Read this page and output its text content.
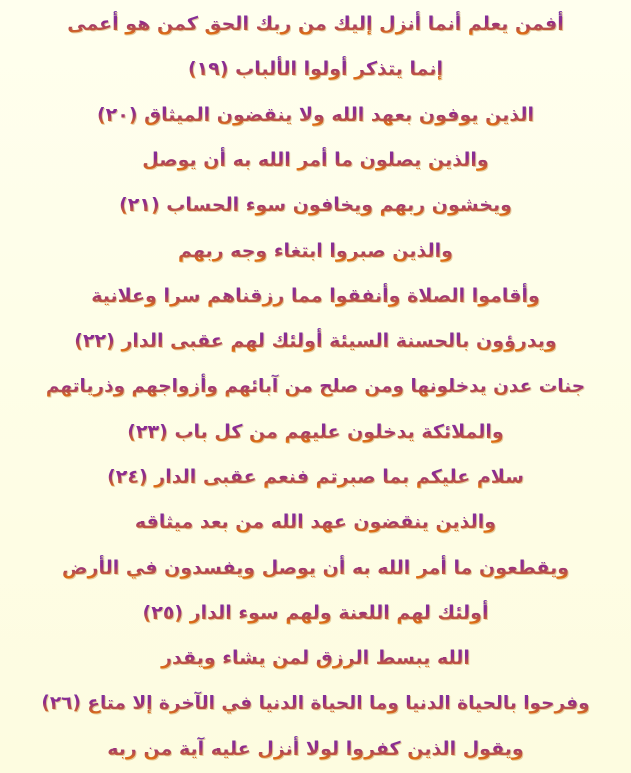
أفمن يعلم أنما أنزل إليك من ربك الحق كمن هو أعمى
إنما يتذكر أولوا الألباب (١٩)
الذين يوفون بعهد الله ولا ينقضون الميثاق (٢٠)
والذين يصلون ما أمر الله به أن يوصل
ويخشون ربهم ويخافون سوء الحساب (٢١)
والذين صبروا ابتغاء وجه ربهم
وأقاموا الصلاة وأنفقوا مما رزقناهم سرا وعلانية
ويدرؤون بالحسنة السيئة أولئك لهم عقبى الدار (٢٢)
جنات عدن يدخلونها ومن صلح من آبائهم وأزواجهم وذرياتهم
والملائكة يدخلون عليهم من كل باب (٢٣)
سلام عليكم بما صبرتم فنعم عقبى الدار (٢٤)
والذين ينقضون عهد الله من بعد ميثاقه
ويقطعون ما أمر الله به أن يوصل ويفسدون في الأرض
أولئك لهم اللعنة ولهم سوء الدار (٢٥)
الله يبسط الرزق لمن يشاء ويقدر
وفرحوا بالحياة الدنيا وما الحياة الدنيا في الآخرة إلا متاع (٢٦)
ويقول الذين كفروا لولا أنزل عليه آية من ربه
